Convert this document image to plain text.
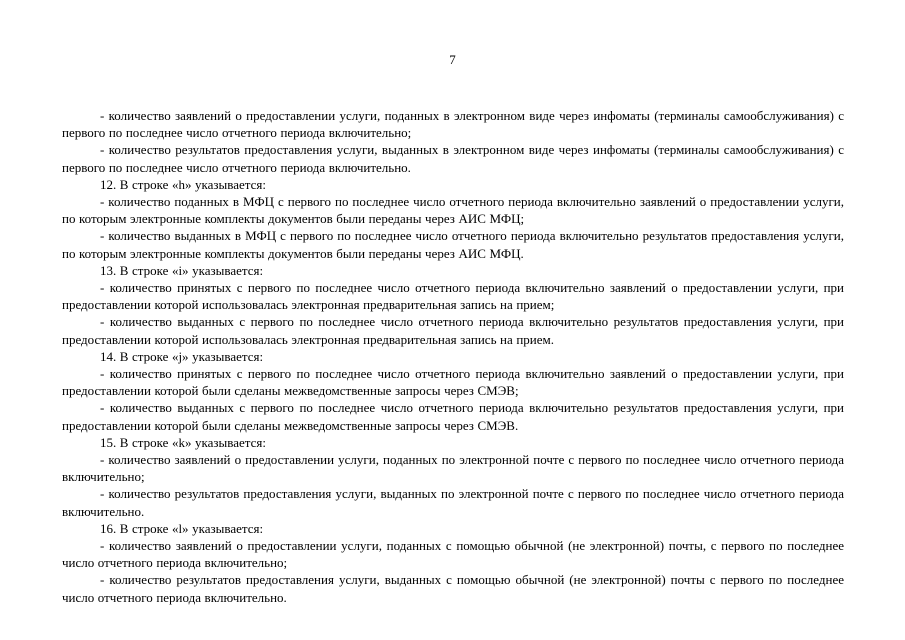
7

- количество заявлений о предоставлении услуги, поданных в электронном виде через инфоматы (терминалы самообслуживания) с первого по последнее число отчетного периода включительно;

- количество результатов предоставления услуги, выданных в электронном виде через инфоматы (терминалы самообслуживания) с первого по последнее число отчетного периода включительно.

12. В строке «h» указывается:

- количество поданных в МФЦ с первого по последнее число отчетного периода включительно заявлений о предоставлении услуги, по которым электронные комплекты документов были переданы через АИС МФЦ;

- количество выданных в МФЦ с первого по последнее число отчетного периода включительно результатов предоставления услуги, по которым электронные комплекты документов были переданы через АИС МФЦ.

13. В строке «i» указывается:

- количество принятых с первого по последнее число отчетного периода включительно заявлений о предоставлении услуги, при предоставлении которой использовалась электронная предварительная запись на прием;

- количество выданных с первого по последнее число отчетного периода включительно результатов предоставления услуги, при предоставлении которой использовалась электронная предварительная запись на прием.

14. В строке «j» указывается:

- количество принятых с первого по последнее число отчетного периода включительно заявлений о предоставлении услуги, при предоставлении которой были сделаны межведомственные запросы через СМЭВ;

- количество выданных с первого по последнее число отчетного периода включительно результатов предоставления услуги, при предоставлении которой были сделаны межведомственные запросы через СМЭВ.

15. В строке «k» указывается:

- количество заявлений о предоставлении услуги, поданных по электронной почте с первого по последнее число отчетного периода включительно;

- количество результатов предоставления услуги, выданных по электронной почте с первого по последнее число отчетного периода включительно.

16. В строке «l» указывается:

- количество заявлений о предоставлении услуги, поданных с помощью обычной (не электронной) почты, с первого по последнее число отчетного периода включительно;

- количество результатов предоставления услуги, выданных с помощью обычной (не электронной) почты с первого по последнее число отчетного периода включительно.
